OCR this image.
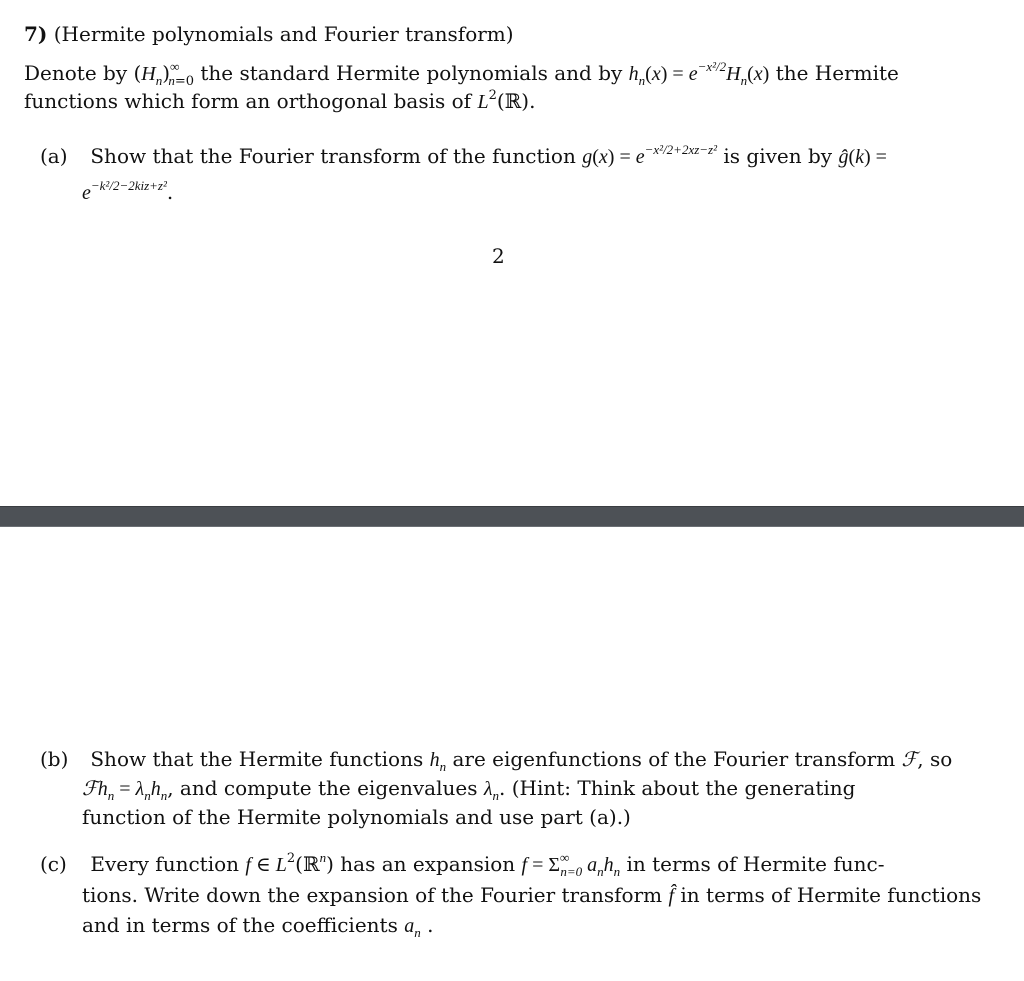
7) (Hermite polynomials and Fourier transform)
Denote by $(H_n)^\infty_{n=0}$ the standard Hermite polynomials and by $h_n(x) = e^{-x^2/2}H_n(x)$ the Hermite
functions which form an orthogonal basis of $L^2(ℝ)$.
(a) Show that the Fourier transform of the function $g(x) = e^{-x^2/2+2xz-z^2}$ is given by ĝ(k) =
$e^{-k^2/2-2kiz+z^2}$.
2
(b) Show that the Hermite functions $h_n$ are eigenfunctions of the Fourier transform ℱ, so
ℱh$_n$ = $\lambda_nh_n$, and compute the eigenvalues $\lambda_n$. (Hint: Think about the generating
function of the Hermite polynomials and use part (a).)
(c) Every function f ∈ $L^2(ℝ^n)$ has an expansion $f = \Sigma^\infty_{n=0}$ $a_nh_n$ in terms of Hermite func-
tions. Write down the expansion of the Fourier transform f̂ in terms of Hermite functions
and in terms of the coefficients $a_n$ .
